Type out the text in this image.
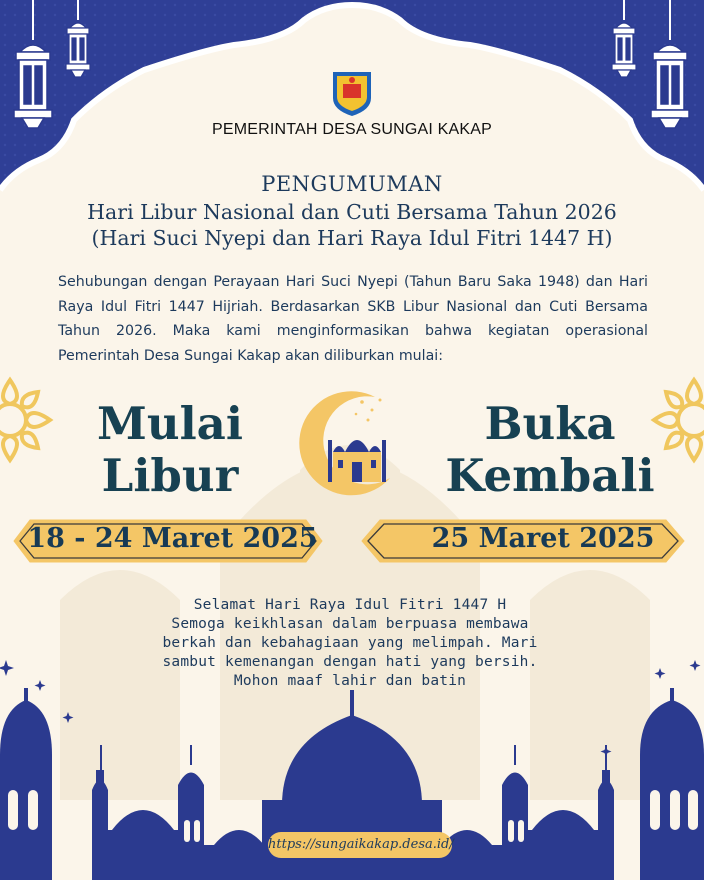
PEMERINTAH DESA SUNGAI KAKAP
PENGUMUMAN
Hari Libur Nasional dan Cuti Bersama Tahun 2026
(Hari Suci Nyepi dan Hari Raya Idul Fitri 1447 H)
Sehubungan dengan Perayaan Hari Suci Nyepi (Tahun Baru Saka 1948) dan Hari Raya Idul Fitri 1447 Hijriah. Berdasarkan SKB Libur Nasional dan Cuti Bersama Tahun 2026. Maka kami menginformasikan bahwa kegiatan operasional Pemerintah Desa Sungai Kakap akan diliburkan mulai:
Mulai
Libur
Buka
Kembali
18 - 24 Maret 2025	25 Maret 2025
Selamat Hari Raya Idul Fitri 1447 H
Semoga keikhlasan dalam berpuasa membawa
berkah dan kebahagiaan yang melimpah. Mari
sambut kemenangan dengan hati yang bersih.
Mohon maaf lahir dan batin
https://sungaikakap.desa.id/
